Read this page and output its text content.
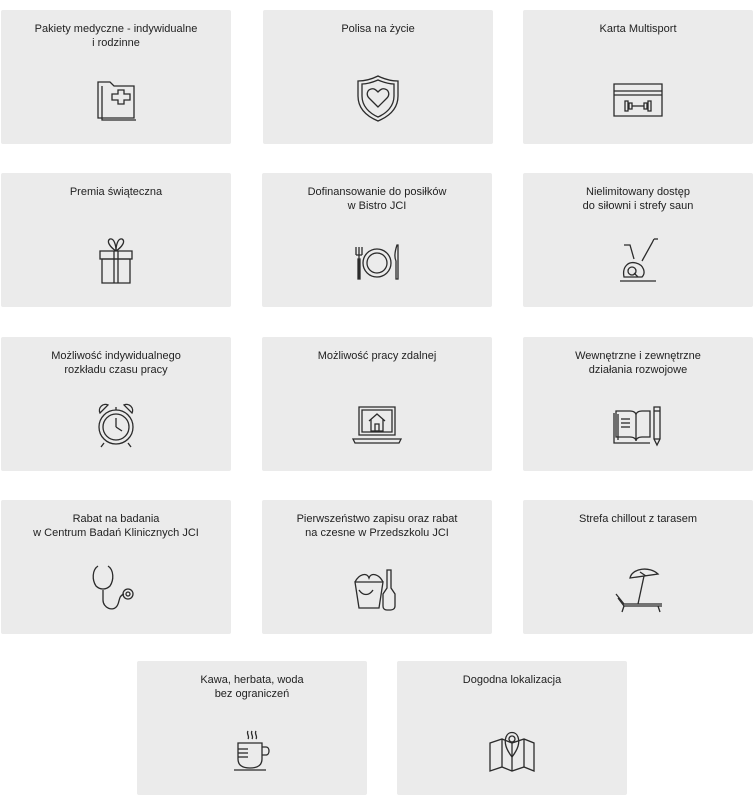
Pakiety medyczne - indywidualne
i rodzinne
Polisa na życie	Karta Multisport
Premia świąteczna	Dofinansowanie do posiłków
w Bistro JCI
Nielimitowany dostęp
do siłowni i strefy saun
Możliwość indywidualnego
rozkładu czasu pracy
Możliwość pracy zdalnej	Wewnętrzne i zewnętrzne
działania rozwojowe
Rabat na badania
w Centrum Badań Klinicznych JCI
Pierwszeństwo zapisu oraz rabat
na czesne w Przedszkolu JCI
Strefa chillout z tarasem
Kawa, herbata, woda
bez ograniczeń
Dogodna lokalizacja
